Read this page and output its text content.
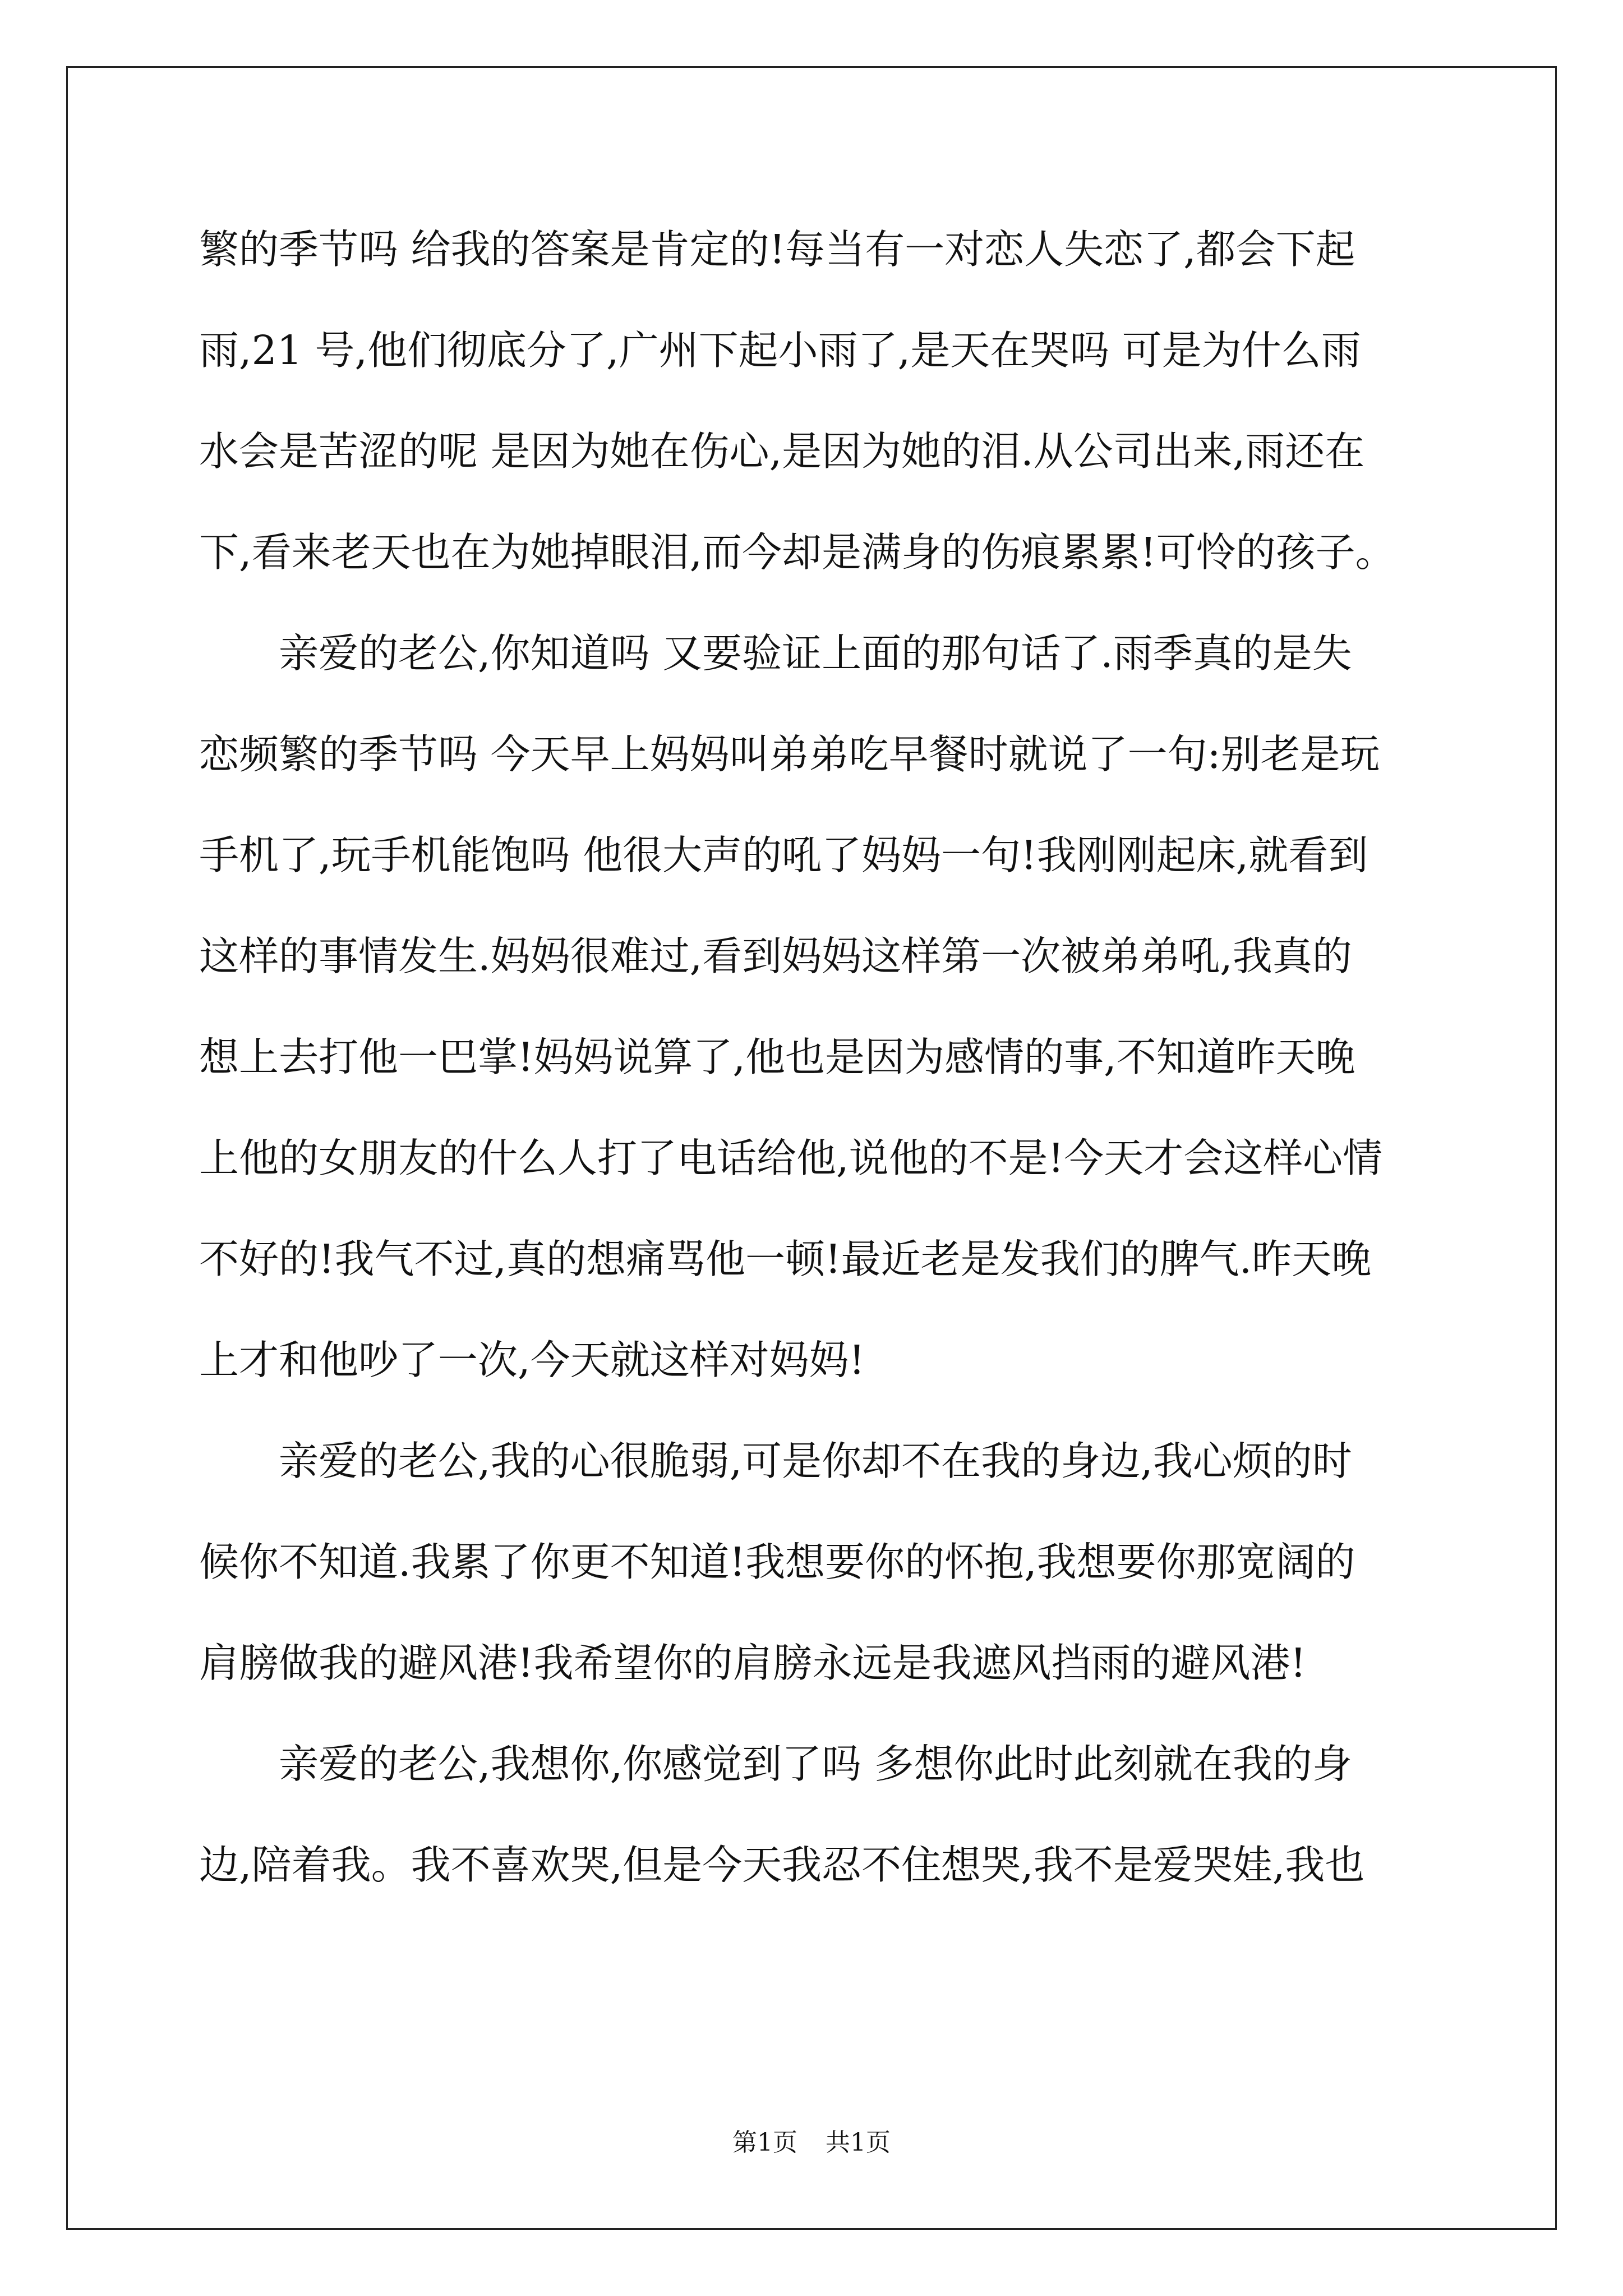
繁的季节吗 给我的答案是肯定的!每当有一对恋人失恋了,都会下起
雨,21 号,他们彻底分了,广州下起小雨了,是天在哭吗 可是为什么雨
水会是苦涩的呢 是因为她在伤心,是因为她的泪.从公司出来,雨还在
下,看来老天也在为她掉眼泪,而今却是满身的伤痕累累!可怜的孩子。
　　亲爱的老公,你知道吗 又要验证上面的那句话了.雨季真的是失
恋频繁的季节吗 今天早上妈妈叫弟弟吃早餐时就说了一句:别老是玩
手机了,玩手机能饱吗 他很大声的吼了妈妈一句!我刚刚起床,就看到
这样的事情发生.妈妈很难过,看到妈妈这样第一次被弟弟吼,我真的
想上去打他一巴掌!妈妈说算了,他也是因为感情的事,不知道昨天晚
上他的女朋友的什么人打了电话给他,说他的不是!今天才会这样心情
不好的!我气不过,真的想痛骂他一顿!最近老是发我们的脾气.昨天晚
上才和他吵了一次,今天就这样对妈妈!
　　亲爱的老公,我的心很脆弱,可是你却不在我的身边,我心烦的时
候你不知道.我累了你更不知道!我想要你的怀抱,我想要你那宽阔的
肩膀做我的避风港!我希望你的肩膀永远是我遮风挡雨的避风港!
　　亲爱的老公,我想你,你感觉到了吗 多想你此时此刻就在我的身
边,陪着我。我不喜欢哭,但是今天我忍不住想哭,我不是爱哭娃,我也
第1页 共1页
